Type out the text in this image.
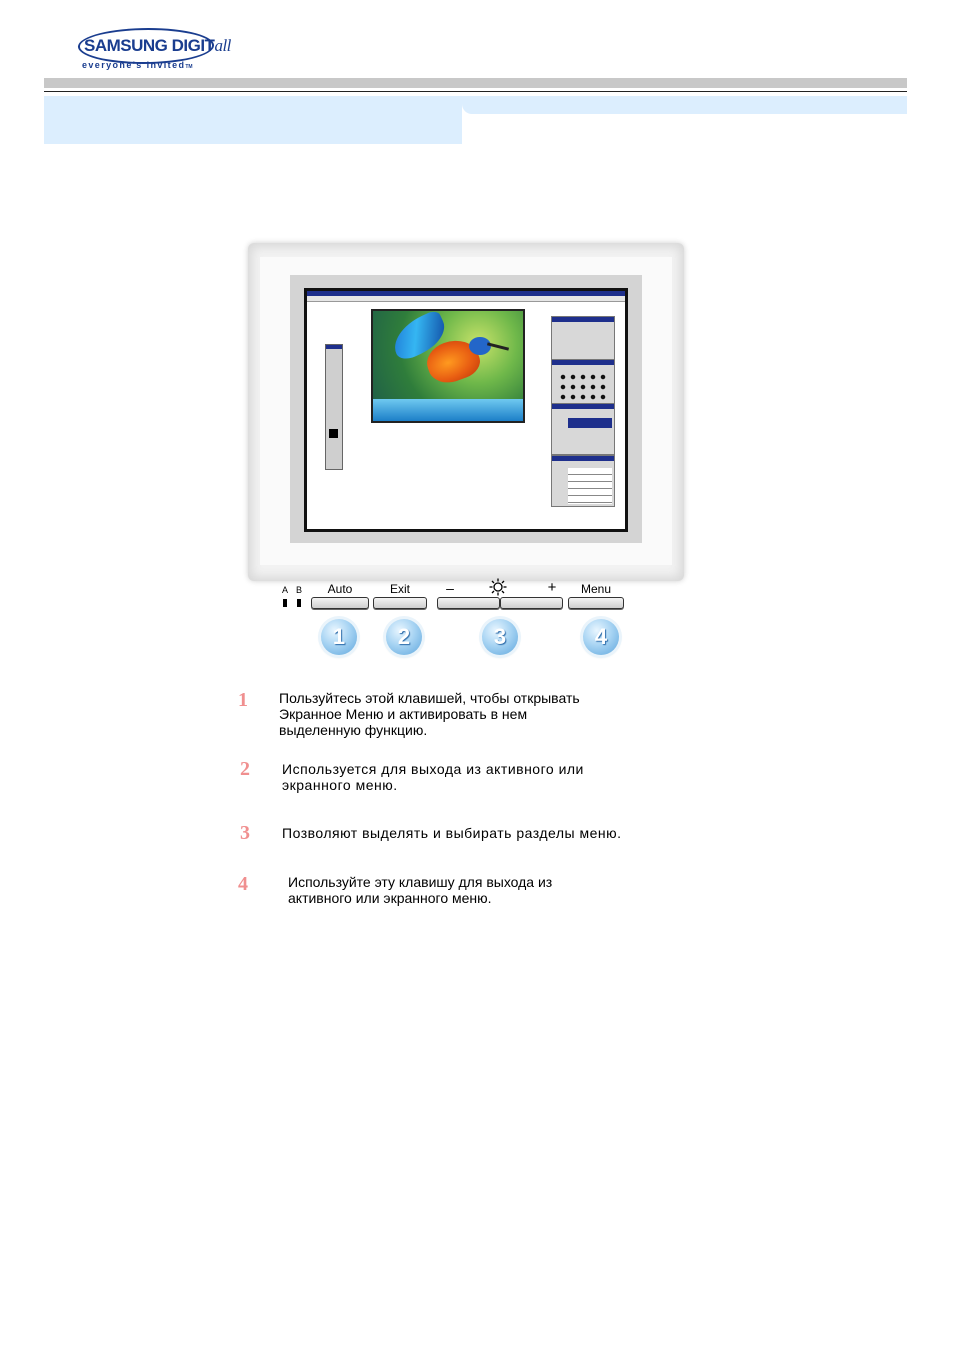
SAMSUNG DIGITall
everyone's invitedTM
A B	Auto	Exit	–	+	Menu
1	2	3	4
1 Пользуйтесь этой клавишей, чтобы открывать
Экранное Меню и активировать в нем
выделенную функцию.
2 Используется для выхода из активного или
экранного меню.
3 Позволяют выделять и выбирать разделы меню.
4	Используйте эту клавишу для выхода из
активного или экранного меню.
